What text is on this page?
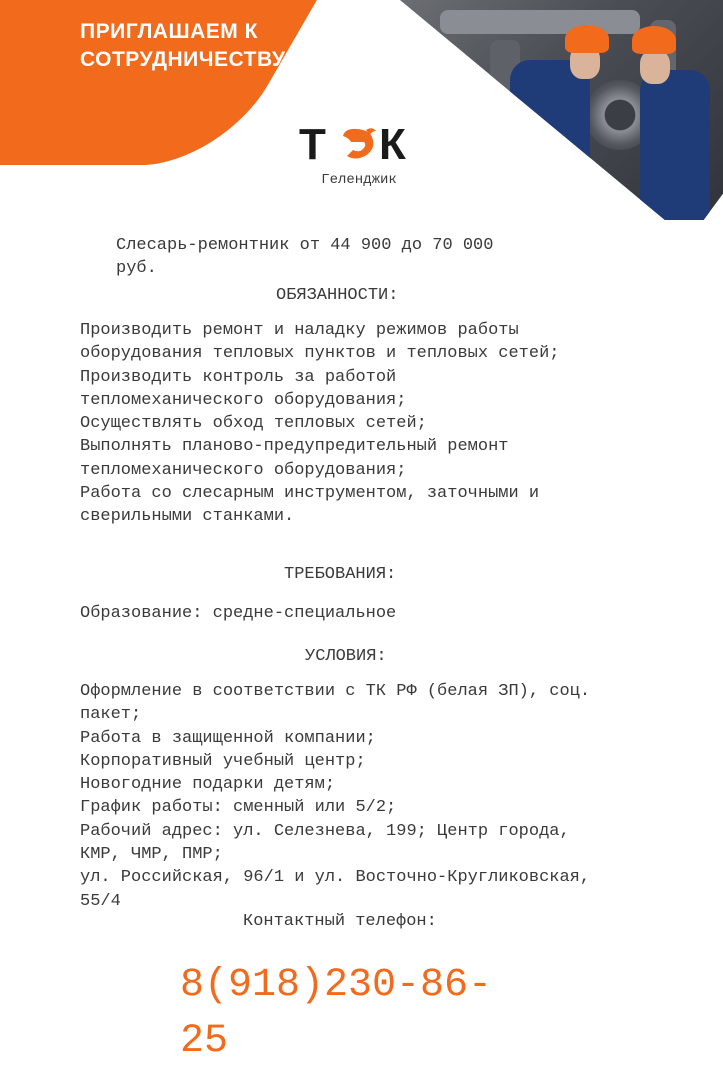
ПРИГЛАШАЕМ К
СОТРУДНИЧЕСТВУ
Т К
Геленджик
Слесарь-ремонтник от 44 900 до 70 000
руб.
ОБЯЗАННОСТИ:
Производить ремонт и наладку режимов работы
оборудования тепловых пунктов и тепловых сетей;
Производить контроль за работой
тепломеханического оборудования;
Осуществлять обход тепловых сетей;
Выполнять планово-предупредительный ремонт
тепломеханического оборудования;
Работа со слесарным инструментом, заточными и
сверильными станками.
ТРЕБОВАНИЯ:
Образование: средне-специальное
УСЛОВИЯ:
Оформление в соответствии с ТК РФ (белая ЗП), соц.
пакет;
Работа в защищенной компании;
Корпоративный учебный центр;
Новогодние подарки детям;
График работы: сменный или 5/2;
Рабочий адрес: ул. Селезнева, 199; Центр города,
КМР, ЧМР, ПМР;
ул. Российская, 96/1 и ул. Восточно-Кругликовская,
55/4
Контактный телефон:
8(918)230-86-
25
